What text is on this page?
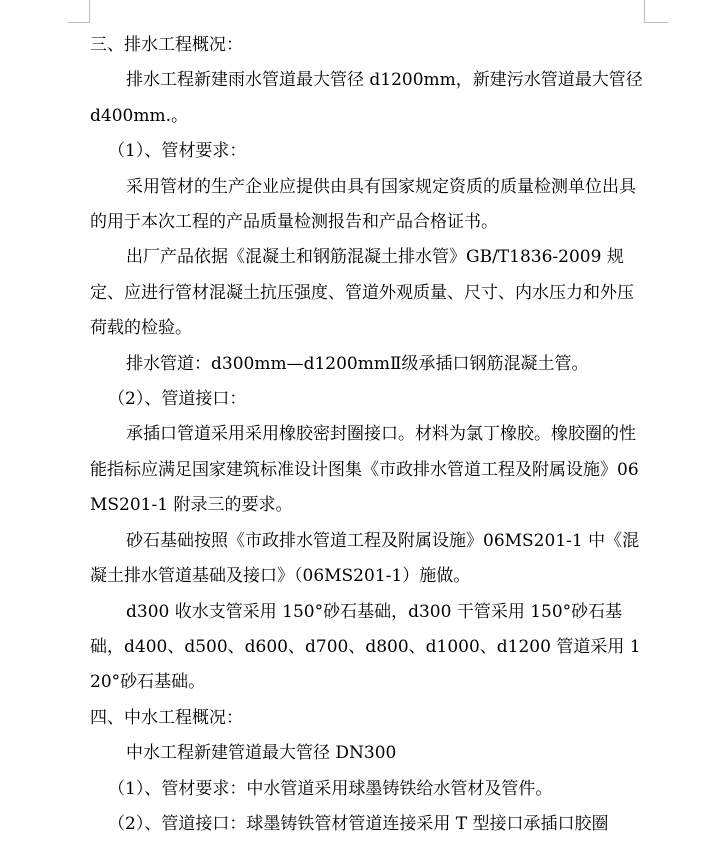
三、排水工程概况：

排水工程新建雨水管道最大管径 d1200mm，新建污水管道最大管径 d400mm.。

（1）、管材要求：

采用管材的生产企业应提供由具有国家规定资质的质量检测单位出具的用于本次工程的产品质量检测报告和产品合格证书。

出厂产品依据《混凝土和钢筋混凝土排水管》GB/T1836-2009 规定、应进行管材混凝土抗压强度、管道外观质量、尺寸、内水压力和外压荷载的检验。

排水管道：d300mm—d1200mmⅡ级承插口钢筋混凝土管。

（2）、管道接口：

承插口管道采用采用橡胶密封圈接口。材料为氯丁橡胶。橡胶圈的性能指标应满足国家建筑标准设计图集《市政排水管道工程及附属设施》06MS201-1 附录三的要求。

砂石基础按照《市政排水管道工程及附属设施》06MS201-1 中《混凝土排水管道基础及接口》（06MS201-1）施做。

d300 收水支管采用 150°砂石基础，d300 干管采用 150°砂石基础，d400、d500、d600、d700、d800、d1000、d1200 管道采用 120°砂石基础。

四、中水工程概况：

中水工程新建管道最大管径 DN300

（1）、管材要求：中水管道采用球墨铸铁给水管材及管件。

（2）、管道接口：球墨铸铁管材管道连接采用 T 型接口承插口胶圈
